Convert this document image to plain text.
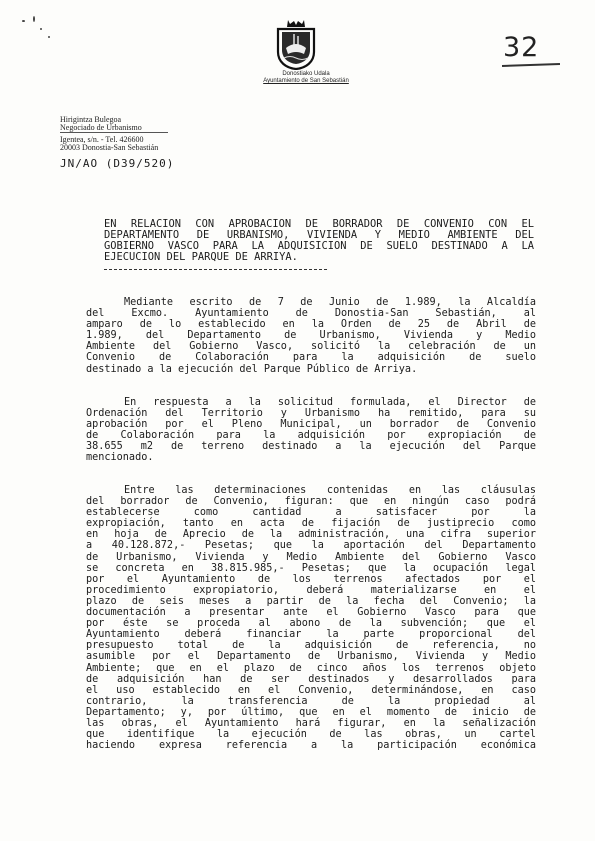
Donostiako Udala
Ayuntamiento de San Sebastián
32
Hirigintza Bulegoa
Negociado de Urbanismo
Igentea, s/n. - Tel. 426600
20003 Donostia-San Sebastián
JN/AO (D39/520)
EN RELACION CON APROBACION DE BORRADOR DE CONVENIO CON EL
DEPARTAMENTO DE URBANISMO, VIVIENDA Y MEDIO AMBIENTE DEL
GOBIERNO VASCO PARA LA ADQUISICION DE SUELO DESTINADO A LA
EJECUCION DEL PARQUE DE ARRIYA.
Mediante escrito de 7 de Junio de 1.989, la Alcaldía
del Excmo. Ayuntamiento de Donostia-San Sebastián, al
amparo de lo establecido en la Orden de 25 de Abril de
1.989, del Departamento de Urbanismo, Vivienda y Medio
Ambiente del Gobierno Vasco, solicitó la celebración de un
Convenio de Colaboración para la adquisición de suelo
destinado a la ejecución del Parque Público de Arriya.
En respuesta a la solicitud formulada, el Director de
Ordenación del Territorio y Urbanismo ha remitido, para su
aprobación por el Pleno Municipal, un borrador de Convenio
de Colaboración para la adquisición por expropiación de
38.655 m2 de terreno destinado a la ejecución del Parque
mencionado.
Entre las determinaciones contenidas en las cláusulas
del borrador de Convenio, figuran: que en ningún caso podrá
establecerse como cantidad a satisfacer por la
expropiación, tanto en acta de fijación de justiprecio como
en hoja de Aprecio de la administración, una cifra superior
a 40.128.872,- Pesetas; que la aportación del Departamento
de Urbanismo, Vivienda y Medio Ambiente del Gobierno Vasco
se concreta en 38.815.985,- Pesetas; que la ocupación legal
por el Ayuntamiento de los terrenos afectados por el
procedimiento expropiatorio, deberá materializarse en el
plazo de seis meses a partir de la fecha del Convenio; la
documentación a presentar ante el Gobierno Vasco para que
por éste se proceda al abono de la subvención; que el
Ayuntamiento deberá financiar la parte proporcional del
presupuesto total de la adquisición de referencia, no
asumible por el Departamento de Urbanismo, Vivienda y Medio
Ambiente; que en el plazo de cinco años los terrenos objeto
de adquisición han de ser destinados y desarrollados para
el uso establecido en el Convenio, determinándose, en caso
contrario, la transferencia de la propiedad al
Departamento; y, por último, que en el momento de inicio de
las obras, el Ayuntamiento hará figurar, en la señalización
que identifique la ejecución de las obras, un cartel
haciendo expresa referencia a la participación económica
